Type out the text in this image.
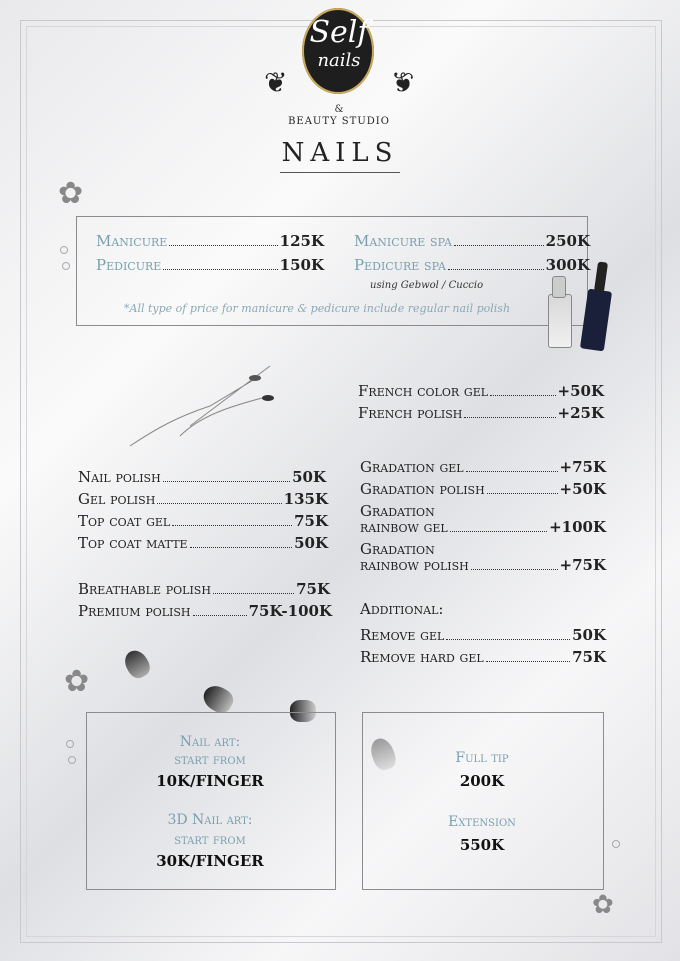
❦	❦
Self
nails
&
BEAUTY STUDIO
NAILS
✿
✿
✿
Manicure	125K
Pedicure	150K
Manicure spa	250K
Pedicure spa	300K
using Gebwol / Cuccio
*All type of price for manicure & pedicure include regular nail polish
Nail polish	50K
Gel polish	135K
Top coat gel	75K
Top coat matte	50K
Breathable polish	75K
Premium polish	75K-100K
French color gel	+50K
French polish	+25K
Gradation gel	+75K
Gradation polish	+50K
Gradation
rainbow gel	+100K
Gradation
rainbow polish	+75K
Additional:
Remove gel	50K
Remove hard gel	75K
Nail art:
start from
10K/FINGER
3D Nail art:
start from
30K/FINGER
Full tip
200K
Extension
550K
